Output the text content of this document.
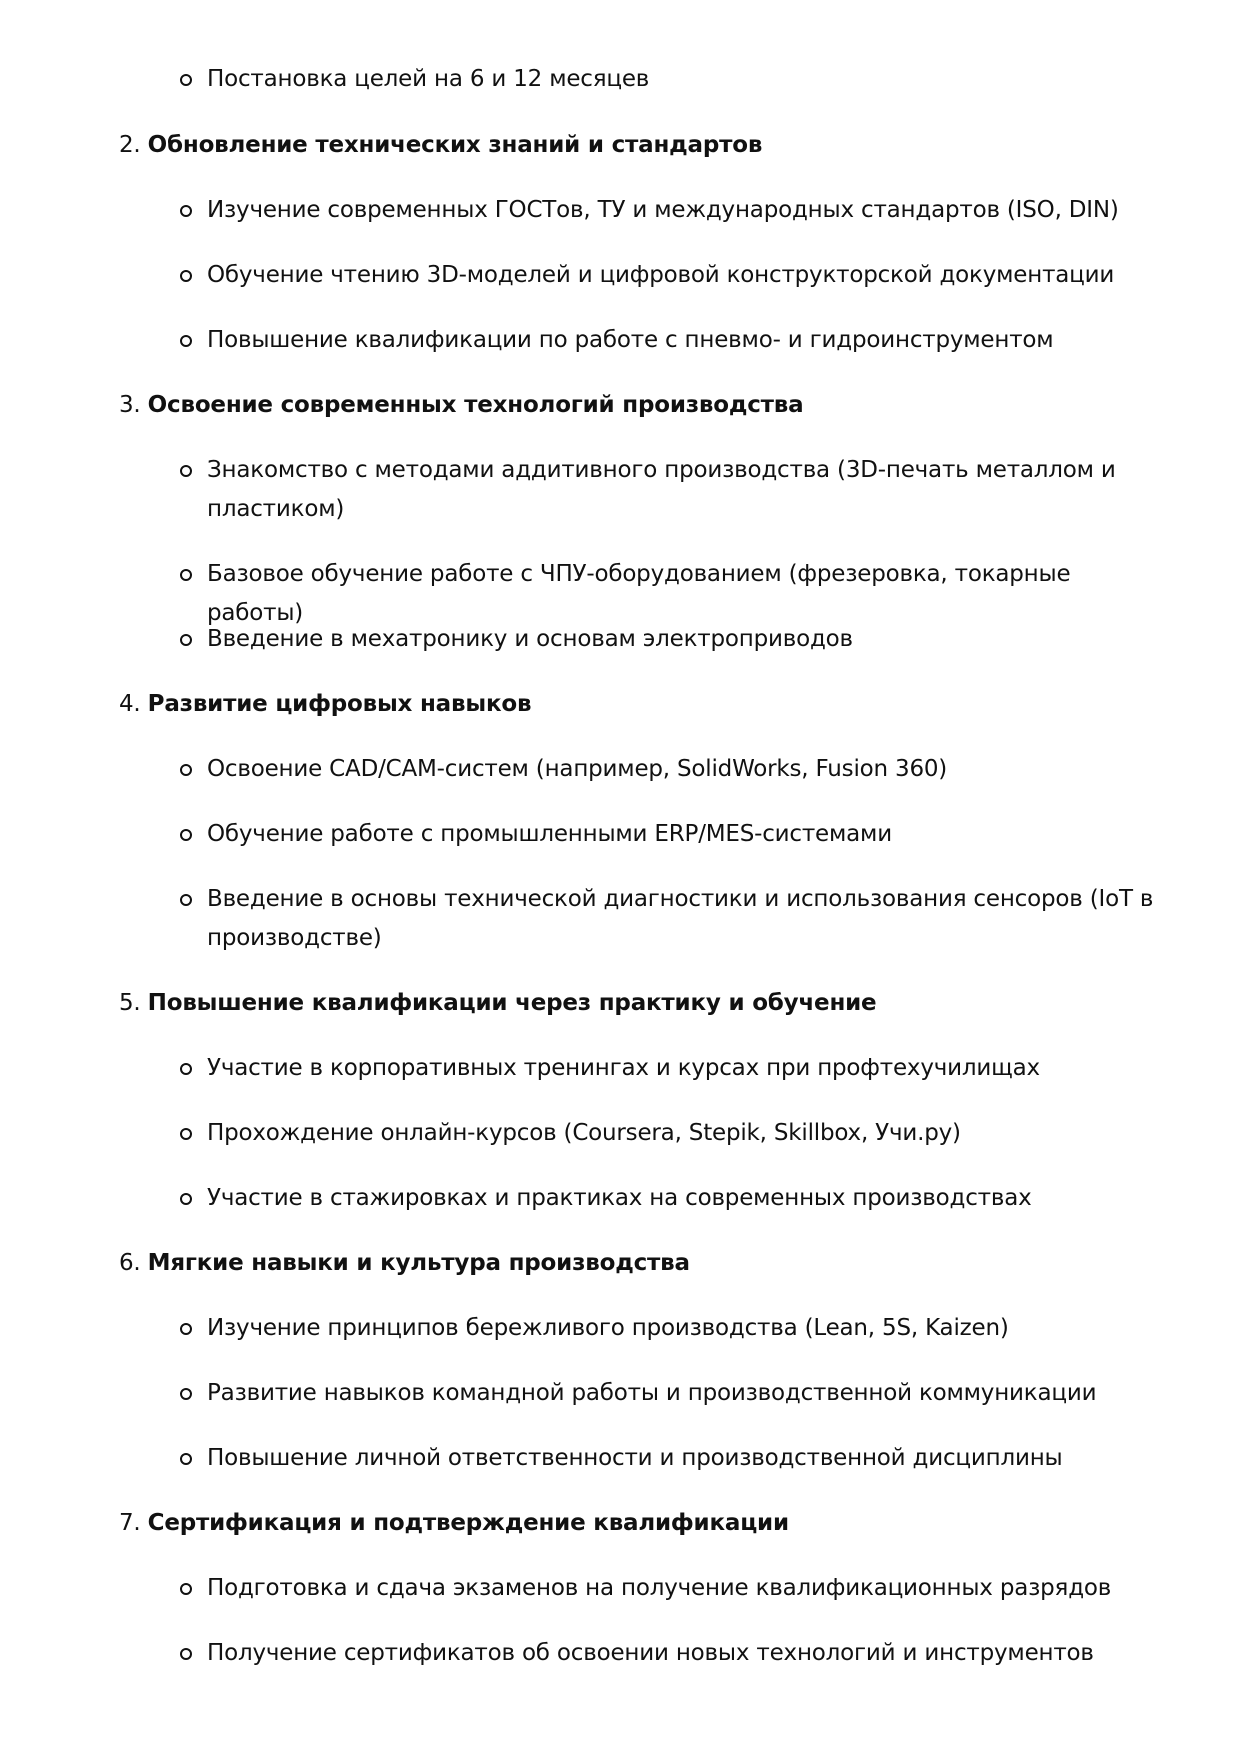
Постановка целей на 6 и 12 месяцев
2. Обновление технических знаний и стандартов
Изучение современных ГОСТов, ТУ и международных стандартов (ISO, DIN)
Обучение чтению 3D-моделей и цифровой конструкторской документации
Повышение квалификации по работе с пневмо- и гидроинструментом
3. Освоение современных технологий производства
Знакомство с методами аддитивного производства (3D-печать металлом и пластиком)
Базовое обучение работе с ЧПУ-оборудованием (фрезеровка, токарные работы)
Введение в мехатронику и основам электроприводов
4. Развитие цифровых навыков
Освоение CAD/CAM-систем (например, SolidWorks, Fusion 360)
Обучение работе с промышленными ERP/MES-системами
Введение в основы технической диагностики и использования сенсоров (IoT в производстве)
5. Повышение квалификации через практику и обучение
Участие в корпоративных тренингах и курсах при профтехучилищах
Прохождение онлайн-курсов (Coursera, Stepik, Skillbox, Учи.ру)
Участие в стажировках и практиках на современных производствах
6. Мягкие навыки и культура производства
Изучение принципов бережливого производства (Lean, 5S, Kaizen)
Развитие навыков командной работы и производственной коммуникации
Повышение личной ответственности и производственной дисциплины
7. Сертификация и подтверждение квалификации
Подготовка и сдача экзаменов на получение квалификационных разрядов
Получение сертификатов об освоении новых технологий и инструментов
